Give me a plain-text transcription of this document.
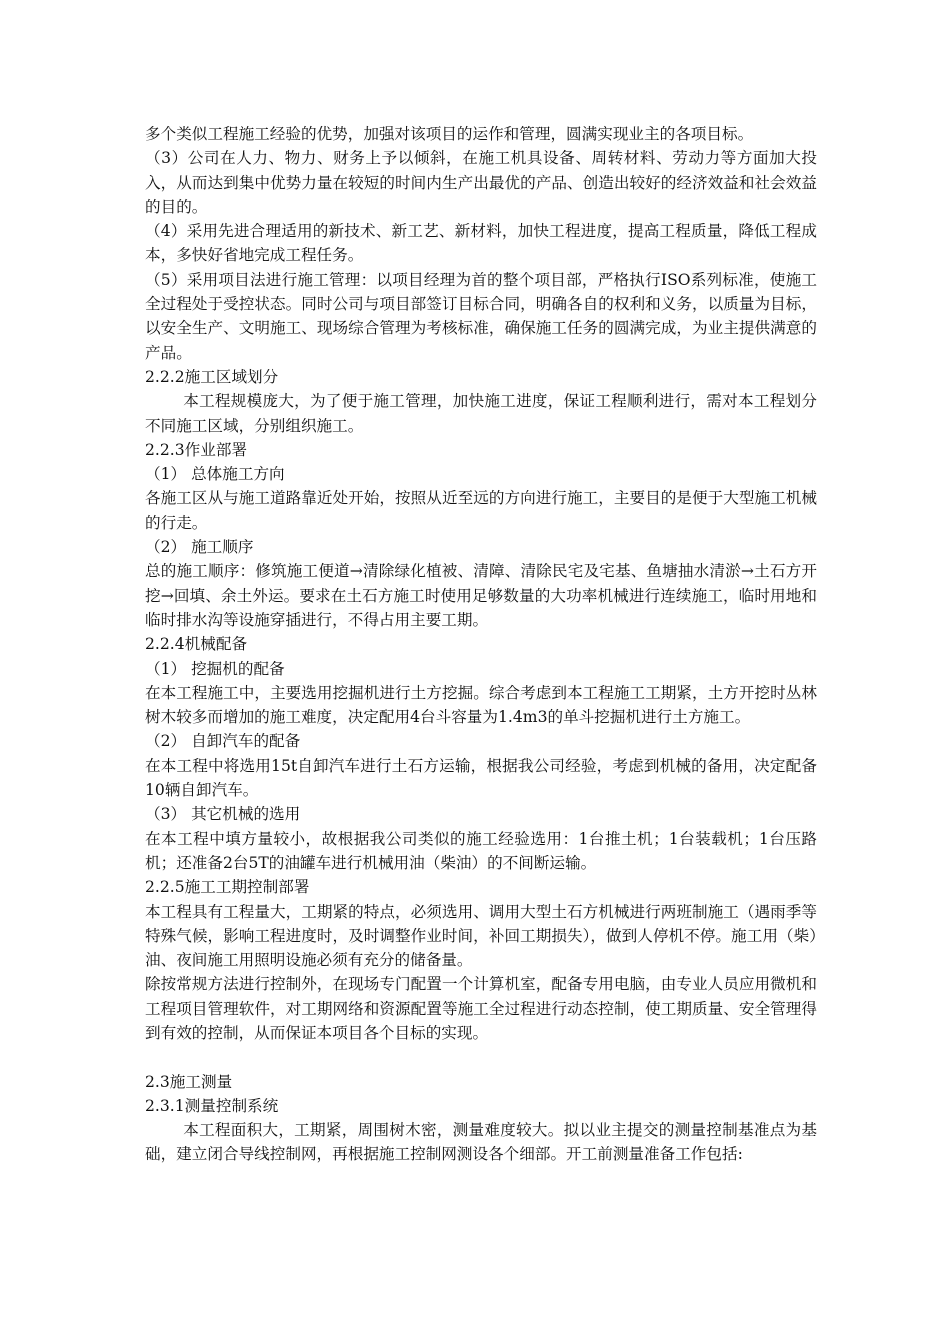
多个类似工程施工经验的优势，加强对该项目的运作和管理，圆满实现业主的各项目标。

（3）公司在人力、物力、财务上予以倾斜，在施工机具设备、周转材料、劳动力等方面加大投入，从而达到集中优势力量在较短的时间内生产出最优的产品、创造出较好的经济效益和社会效益的目的。

（4）采用先进合理适用的新技术、新工艺、新材料，加快工程进度，提高工程质量，降低工程成本，多快好省地完成工程任务。

（5）采用项目法进行施工管理：以项目经理为首的整个项目部，严格执行ISO系列标准，使施工全过程处于受控状态。同时公司与项目部签订目标合同，明确各自的权利和义务，以质量为目标，以安全生产、文明施工、现场综合管理为考核标准，确保施工任务的圆满完成，为业主提供满意的产品。

2.2.2施工区域划分

本工程规模庞大，为了便于施工管理，加快施工进度，保证工程顺利进行，需对本工程划分不同施工区域，分别组织施工。

2.2.3作业部署

（1） 总体施工方向

各施工区从与施工道路靠近处开始，按照从近至远的方向进行施工，主要目的是便于大型施工机械的行走。

（2） 施工顺序

总的施工顺序：修筑施工便道→清除绿化植被、清障、清除民宅及宅基、鱼塘抽水清淤→土石方开挖→回填、余土外运。要求在土石方施工时使用足够数量的大功率机械进行连续施工，临时用地和临时排水沟等设施穿插进行，不得占用主要工期。

2.2.4机械配备

（1） 挖掘机的配备

在本工程施工中，主要选用挖掘机进行土方挖掘。综合考虑到本工程施工工期紧，土方开挖时丛林树木较多而增加的施工难度，决定配用4台斗容量为1.4m3的单斗挖掘机进行土方施工。

（2） 自卸汽车的配备

在本工程中将选用15t自卸汽车进行土石方运输，根据我公司经验，考虑到机械的备用，决定配备10辆自卸汽车。

（3） 其它机械的选用

在本工程中填方量较小，故根据我公司类似的施工经验选用：1台推土机；1台装载机；1台压路机；还准备2台5T的油罐车进行机械用油（柴油）的不间断运输。

2.2.5施工工期控制部署

本工程具有工程量大，工期紧的特点，必须选用、调用大型土石方机械进行两班制施工（遇雨季等特殊气候，影响工程进度时，及时调整作业时间，补回工期损失），做到人停机不停。施工用（柴）油、夜间施工用照明设施必须有充分的储备量。

除按常规方法进行控制外，在现场专门配置一个计算机室，配备专用电脑，由专业人员应用微机和工程项目管理软件，对工期网络和资源配置等施工全过程进行动态控制，使工期质量、安全管理得到有效的控制，从而保证本项目各个目标的实现。

2.3施工测量

2.3.1测量控制系统

本工程面积大，工期紧，周围树木密，测量难度较大。拟以业主提交的测量控制基准点为基础，建立闭合导线控制网，再根据施工控制网测设各个细部。开工前测量准备工作包括:
